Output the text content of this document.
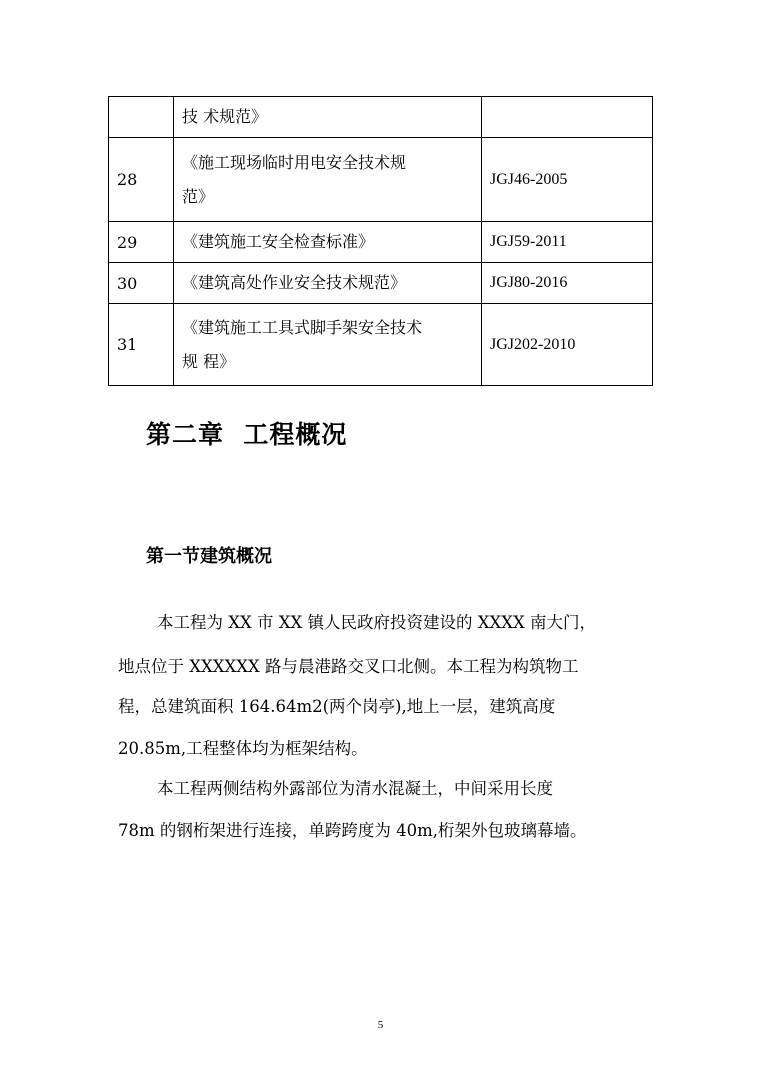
	技 术规范》	

28	《施工现场临时用电安全技术规
范》	JGJ46-2005
29	《建筑施工安全检查标准》	JGJ59-2011
30	《建筑高处作业安全技术规范》	JGJ80-2016
31	《建筑施工工具式脚手架安全技术
规 程》	JGJ202-2010
第二章  工程概况
第一节建筑概况

本工程为 XX 市 XX 镇人民政府投资建设的 XXXX 南大门，

地点位于 XXXXXX 路与晨港路交叉口北侧。本工程为构筑物工

程，总建筑面积 164.64m2(两个岗亭),地上一层，建筑高度

20.85m,工程整体均为框架结构。

本工程两侧结构外露部位为清水混凝土，中间采用长度

78m 的钢桁架进行连接，单跨跨度为 40m,桁架外包玻璃幕墙。

5
